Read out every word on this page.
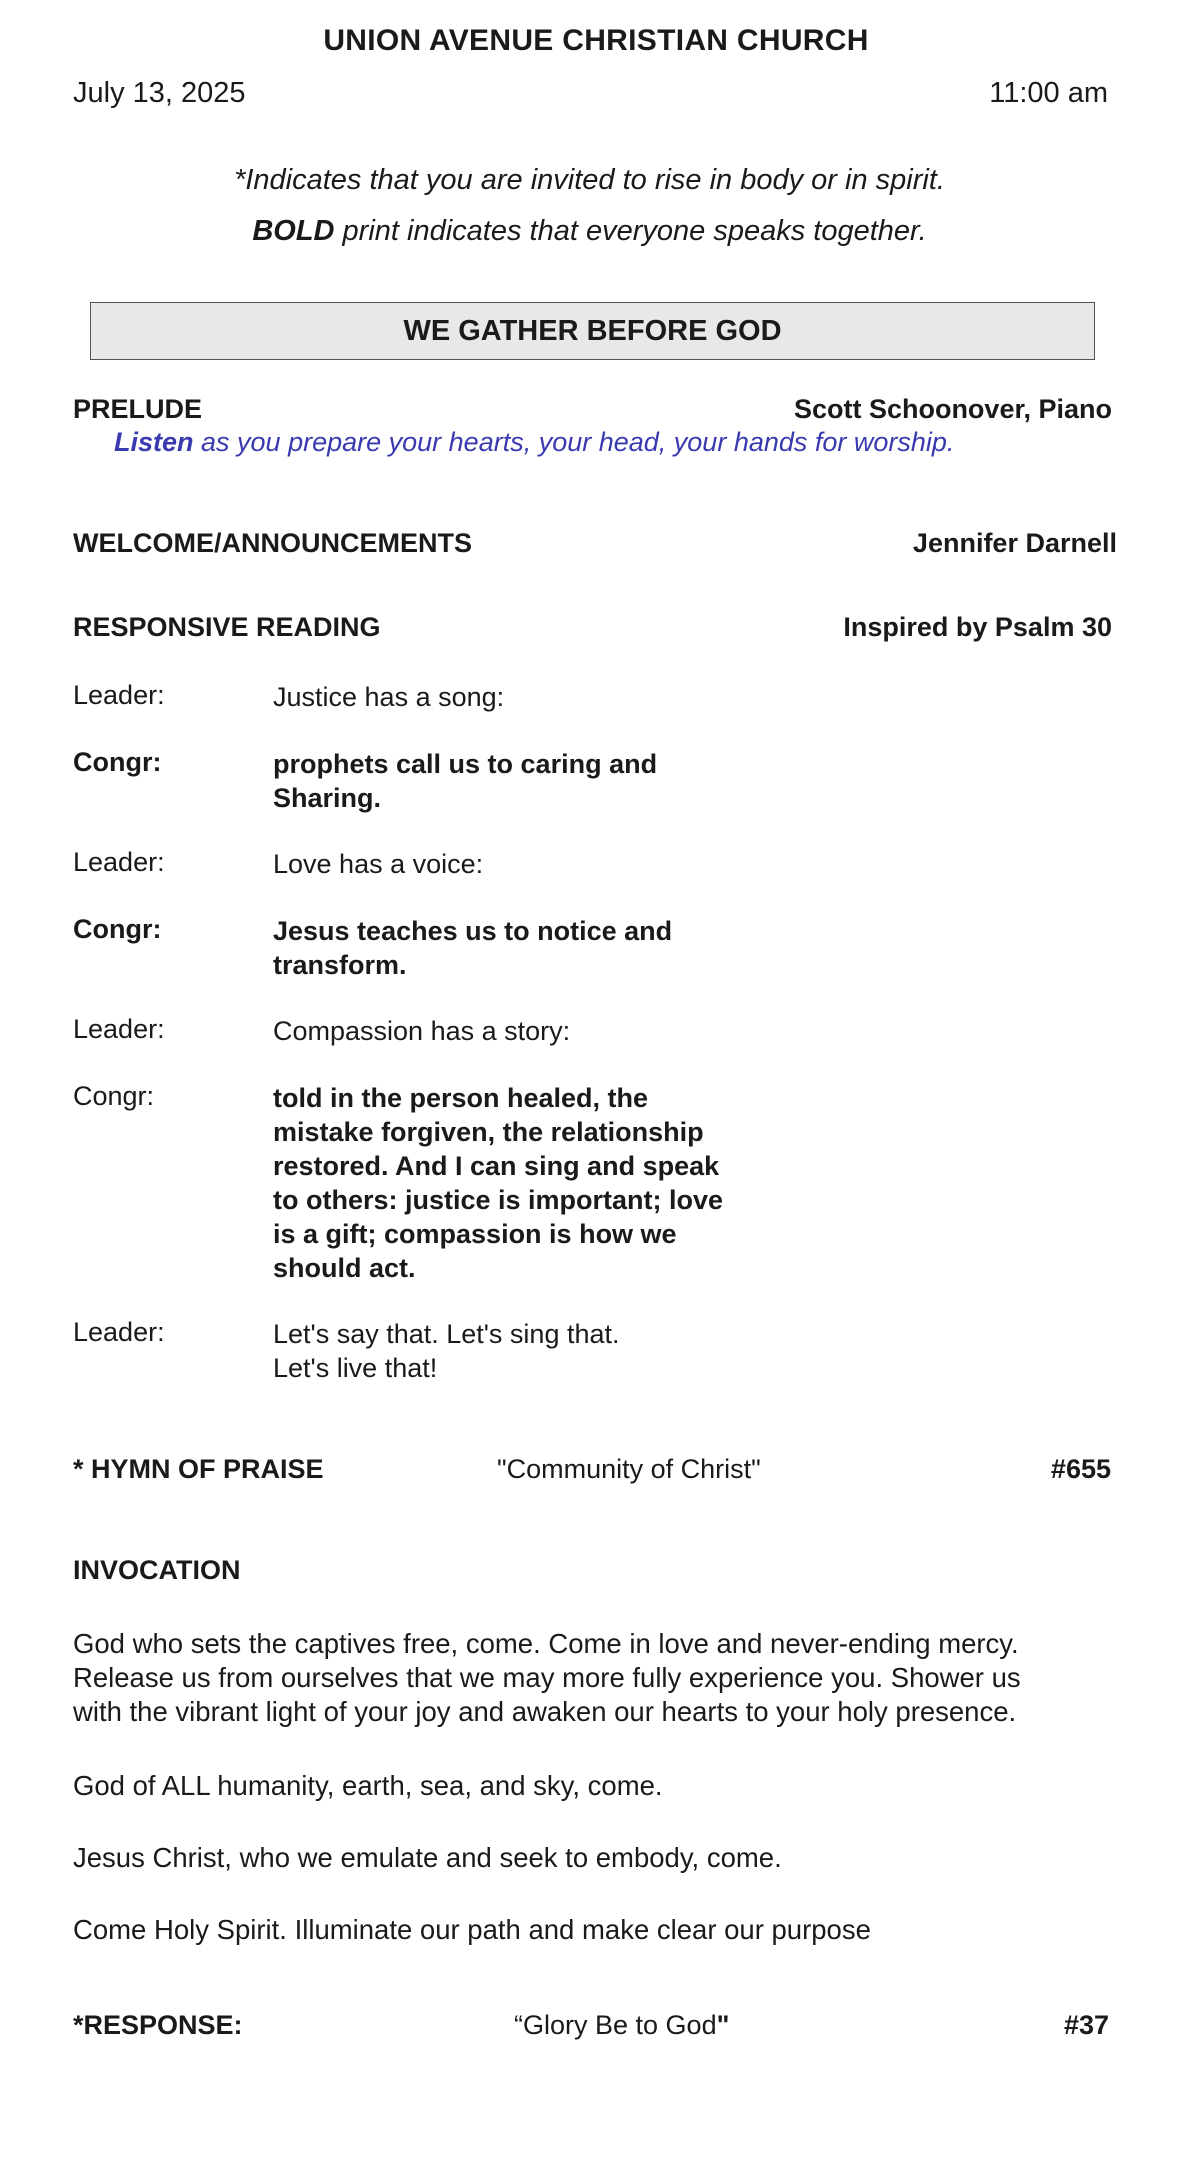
UNION AVENUE CHRISTIAN CHURCH
July 13, 2025	11:00 am
*Indicates that you are invited to rise in body or in spirit.
BOLD print indicates that everyone speaks together.
WE GATHER BEFORE GOD
PRELUDE	Scott Schoonover, Piano
Listen as you prepare your hearts, your head, your hands for worship.
WELCOME/ANNOUNCEMENTS	Jennifer Darnell
RESPONSIVE READING	Inspired by Psalm 30
Leader:	Justice has a song:
Congr:	prophets call us to caring and
Sharing.
Leader:	Love has a voice:
Congr:	Jesus teaches us to notice and
transform.
Leader:	Compassion has a story:
Congr:	told in the person healed, the
mistake forgiven, the relationship
restored. And I can sing and speak
to others: justice is important; love
is a gift; compassion is how we
should act.
Leader:	Let's say that. Let's sing that.
Let's live that!
* HYMN OF PRAISE	"Community of Christ"	#655
INVOCATION
God who sets the captives free, come. Come in love and never-ending mercy.
Release us from ourselves that we may more fully experience you. Shower us
with the vibrant light of your joy and awaken our hearts to your holy presence.
God of ALL humanity, earth, sea, and sky, come.
Jesus Christ, who we emulate and seek to embody, come.
Come Holy Spirit. Illuminate our path and make clear our purpose
*RESPONSE:	“Glory Be to God"	#37
